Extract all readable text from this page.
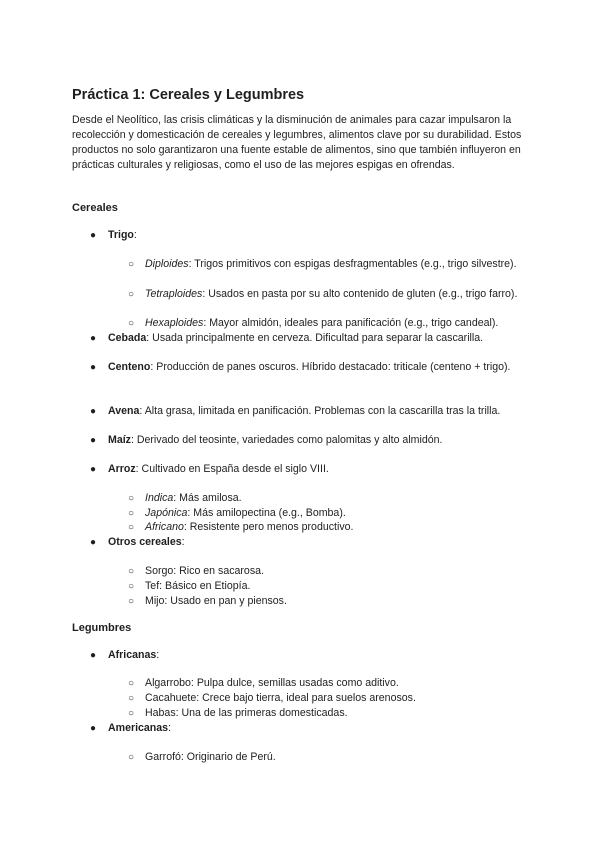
Práctica 1: Cereales y Legumbres

Desde el Neolítico, las crisis climáticas y la disminución de animales para cazar impulsaron la recolección y domesticación de cereales y legumbres, alimentos clave por su durabilidad. Estos productos no solo garantizaron una fuente estable de alimentos, sino que también influyeron en prácticas culturales y religiosas, como el uso de las mejores espigas en ofrendas.

Cereales
● Trigo:
○ Diploides: Trigos primitivos con espigas desfragmentables (e.g., trigo silvestre).
○ Tetraploides: Usados en pasta por su alto contenido de gluten (e.g., trigo farro).
○ Hexaploides: Mayor almidón, ideales para panificación (e.g., trigo candeal).
● Cebada: Usada principalmente en cerveza. Dificultad para separar la cascarilla.
● Centeno: Producción de panes oscuros. Híbrido destacado: triticale (centeno + trigo).
● Avena: Alta grasa, limitada en panificación. Problemas con la cascarilla tras la trilla.
● Maíz: Derivado del teosinte, variedades como palomitas y alto almidón.
● Arroz: Cultivado en España desde el siglo VIII.
○ Indica: Más amilosa.
○ Japónica: Más amilopectina (e.g., Bomba).
○ Africano: Resistente pero menos productivo.
● Otros cereales:
○ Sorgo: Rico en sacarosa.
○ Tef: Básico en Etiopía.
○ Mijo: Usado en pan y piensos.
Legumbres
● Africanas:
○ Algarrobo: Pulpa dulce, semillas usadas como aditivo.
○ Cacahuete: Crece bajo tierra, ideal para suelos arenosos.
○ Habas: Una de las primeras domesticadas.
● Americanas:
○ Garrofó: Originario de Perú.
